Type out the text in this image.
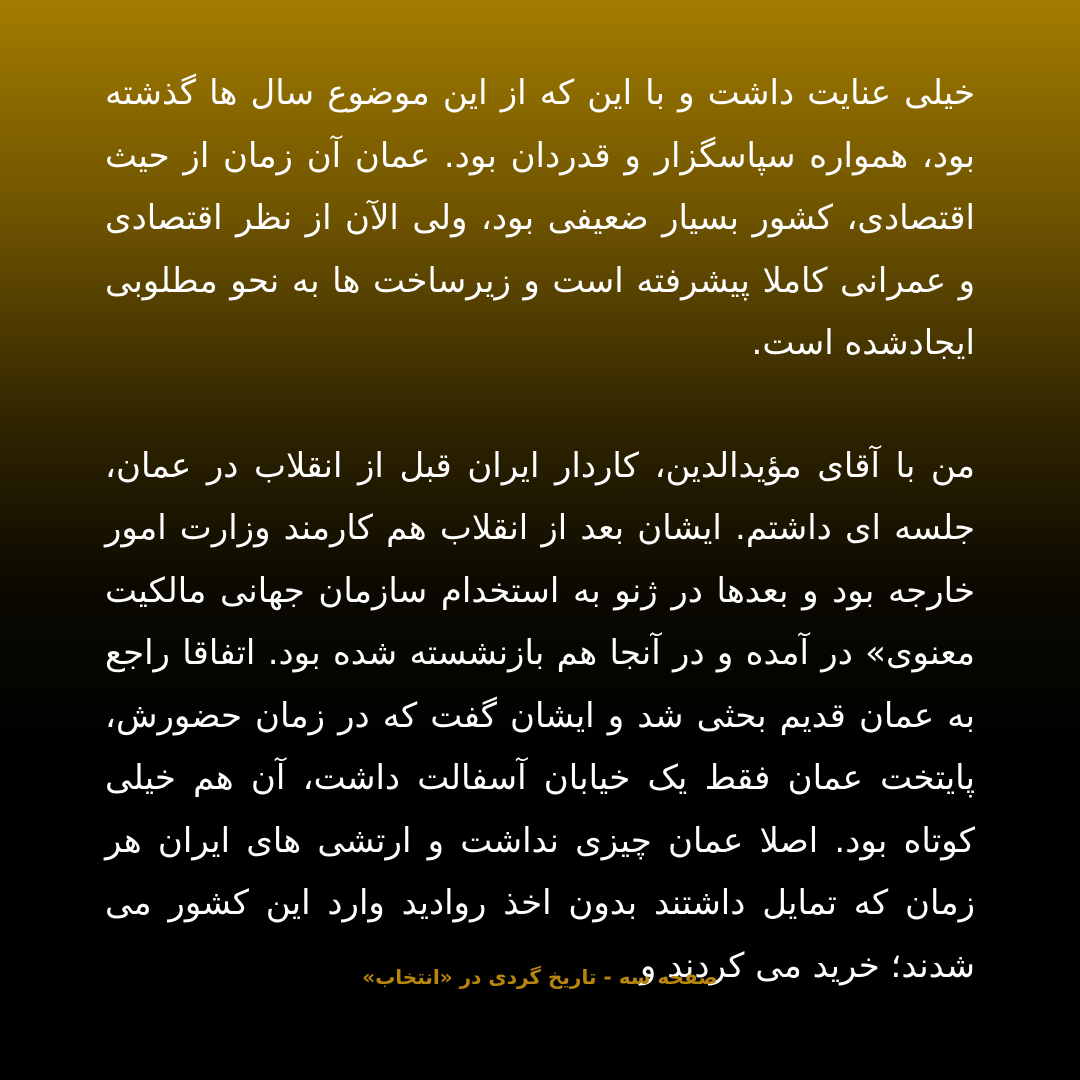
خیلی عنایت داشت و با این که از این موضوع سال ها گذشته بود، همواره سپاسگزار و قدردان بود. عمان آن زمان از حیث اقتصادی، کشور بسیار ضعیفی بود، ولی الآن از نظر اقتصادی و عمرانی کاملا پیشرفته است و زیرساخت ها به نحو مطلوبی ایجادشده است.

من با آقای مؤیدالدین، کاردار ایران قبل از انقلاب در عمان، جلسه ای داشتم. ایشان بعد از انقلاب هم کارمند وزارت امور خارجه بود و بعدها در ژنو به استخدام سازمان جهانی مالکیت معنوی» در آمده و در آنجا هم بازنشسته شده بود. اتفاقا راجع به عمان قدیم بحثی شد و ایشان گفت که در زمان حضورش، پایتخت عمان فقط یک خیابان آسفالت داشت، آن هم خیلی کوتاه بود. اصلا عمان چیزی نداشت و ارتشی های ایران هر زمان که تمایل داشتند بدون اخذ روادید وارد این کشور می شدند؛ خرید می کردند و

صفحه سه - تاریخ گردی در «انتخاب»
